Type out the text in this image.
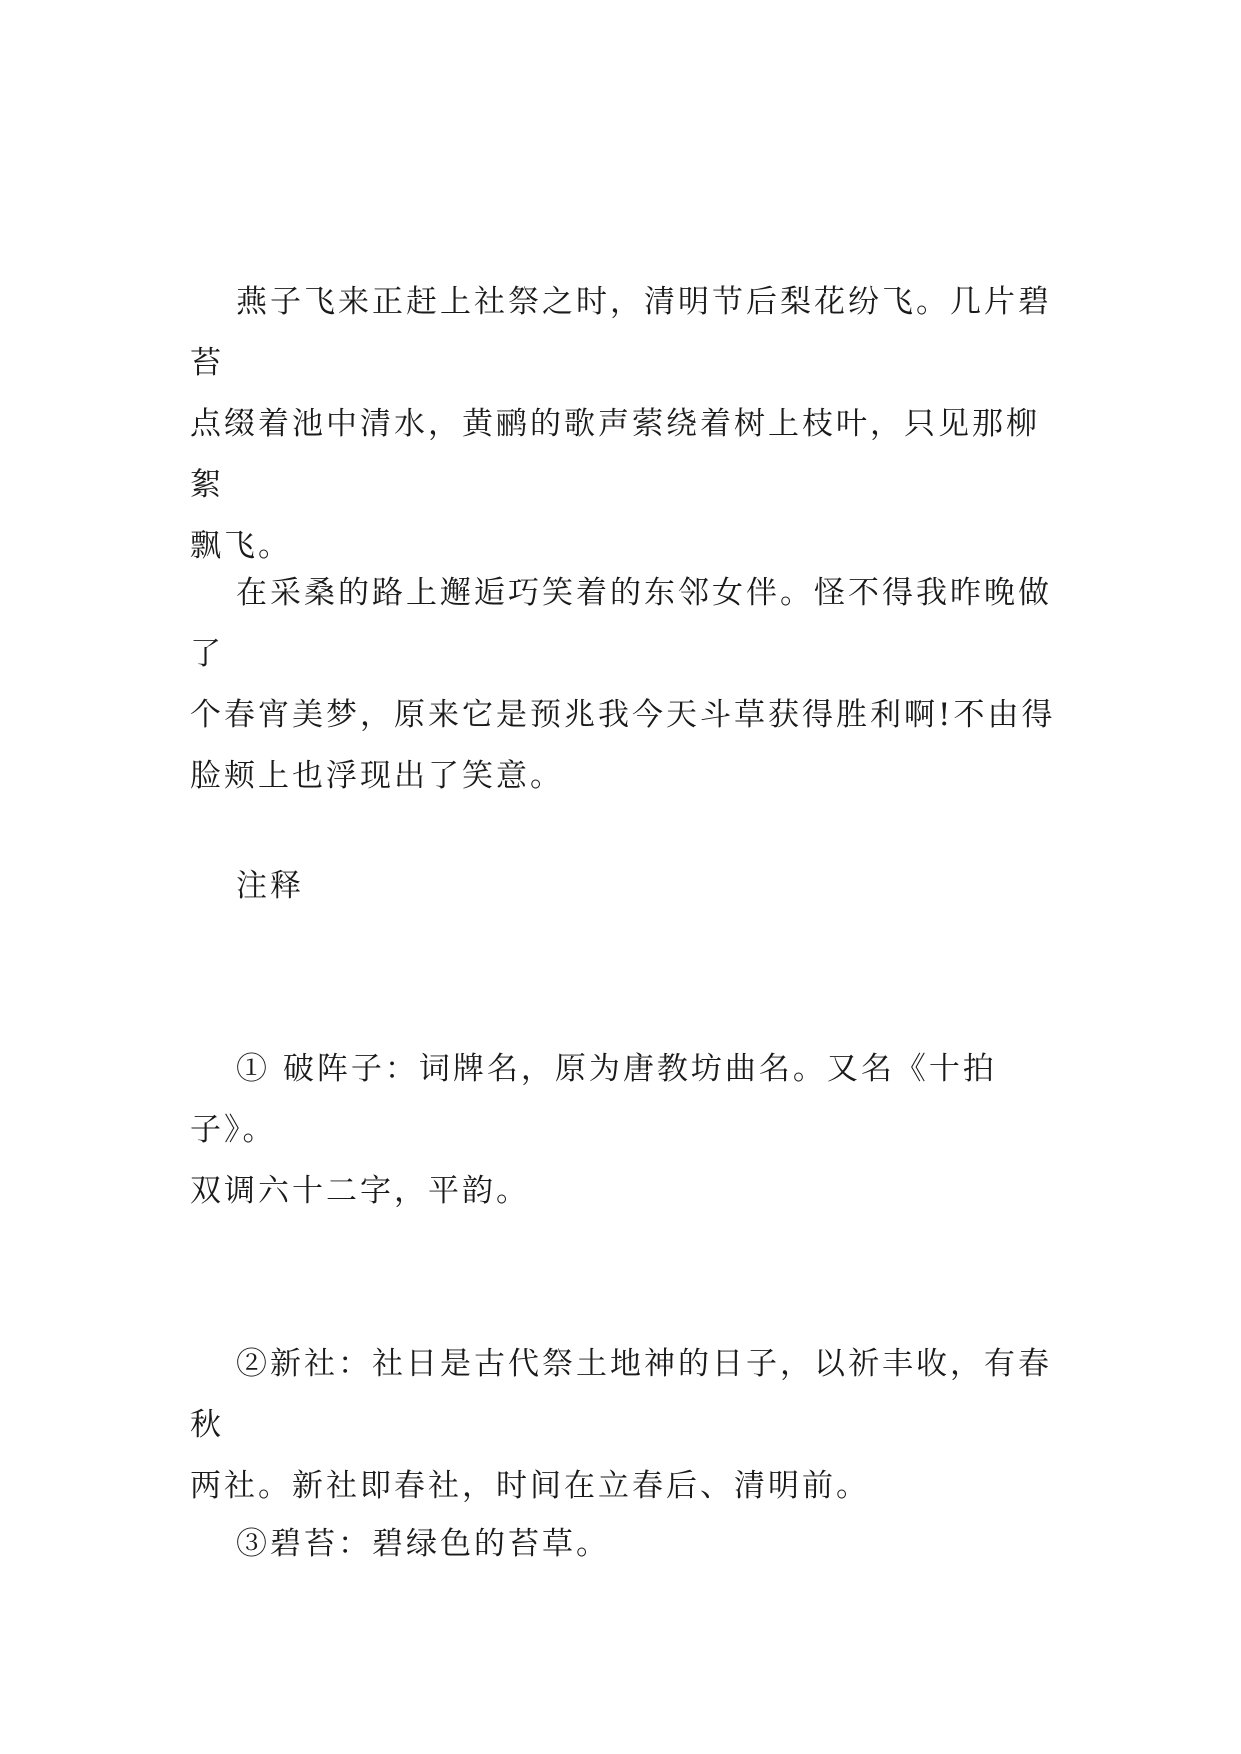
燕子飞来正赶上社祭之时，清明节后梨花纷飞。几片碧苔
点缀着池中清水，黄鹂的歌声萦绕着树上枝叶，只见那柳絮
飘飞。

在采桑的路上邂逅巧笑着的东邻女伴。怪不得我昨晚做了
个春宵美梦，原来它是预兆我今天斗草获得胜利啊!不由得
脸颊上也浮现出了笑意。

注释

① 破阵子：词牌名，原为唐教坊曲名。又名《十拍子》。
双调六十二字，平韵。

②新社：社日是古代祭土地神的日子，以祈丰收，有春秋
两社。新社即春社，时间在立春后、清明前。

③碧苔：碧绿色的苔草。
